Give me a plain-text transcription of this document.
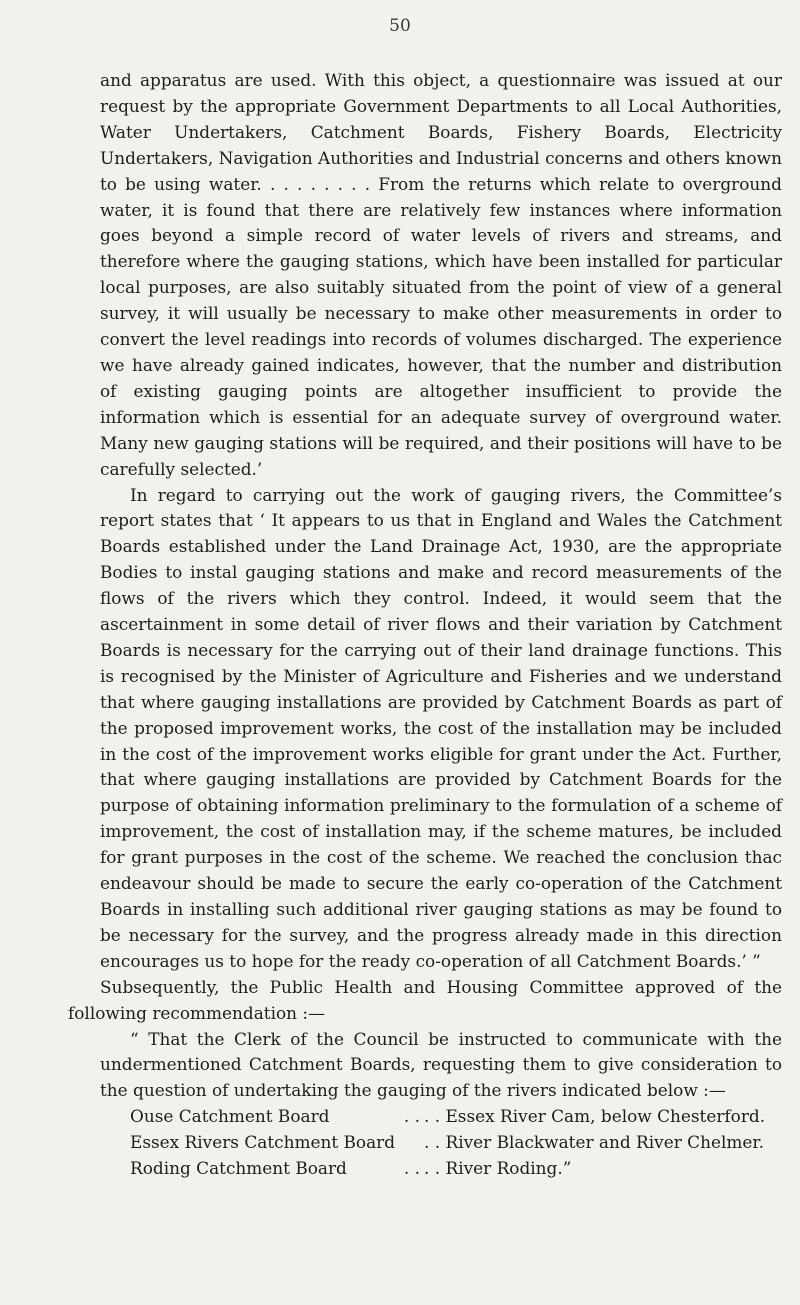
50

and apparatus are used. With this object, a questionnaire was issued at our request by the appropriate Government Departments to all Local Authorities, Water Undertakers, Catchment Boards, Fishery Boards, Electricity Undertakers, Navigation Authorities and Industrial concerns and others known to be using water. . . . . . . . . From the returns which relate to overground water, it is found that there are relatively few instances where information goes beyond a simple record of water levels of rivers and streams, and therefore where the gauging stations, which have been installed for particular local purposes, are also suitably situated from the point of view of a general survey, it will usually be necessary to make other measurements in order to convert the level readings into records of volumes discharged. The experience we have already gained indicates, however, that the number and distribution of existing gauging points are altogether insufficient to provide the information which is essential for an adequate survey of overground water. Many new gauging stations will be required, and their positions will have to be carefully selected.’

In regard to carrying out the work of gauging rivers, the Committee’s report states that ‘ It appears to us that in England and Wales the Catchment Boards established under the Land Drainage Act, 1930, are the appropriate Bodies to instal gauging stations and make and record measurements of the flows of the rivers which they control. Indeed, it would seem that the ascertainment in some detail of river flows and their variation by Catchment Boards is necessary for the carrying out of their land drainage functions. This is recognised by the Minister of Agriculture and Fisheries and we understand that where gauging installations are provided by Catchment Boards as part of the proposed improvement works, the cost of the installation may be included in the cost of the improvement works eligible for grant under the Act. Further, that where gauging installations are provided by Catchment Boards for the purpose of obtaining information preliminary to the formulation of a scheme of improvement, the cost of installation may, if the scheme matures, be included for grant purposes in the cost of the scheme. We reached the conclusion thac endeavour should be made to secure the early co-operation of the Catchment Boards in installing such additional river gauging stations as may be found to be necessary for the survey, and the progress already made in this direction encourages us to hope for the ready co-operation of all Catchment Boards.’ ”

Subsequently, the Public Health and Housing Committee approved of the following recommendation :—

“ That the Clerk of the Council be instructed to communicate with the undermentioned Catchment Boards, requesting them to give consideration to the question of undertaking the gauging of the rivers indicated below :—

Ouse Catchment Board	. . . . Essex River Cam, below Chesterford.
Essex Rivers Catchment Board . . River Blackwater and River Chelmer.
Roding Catchment Board	. . . . River Roding.”
